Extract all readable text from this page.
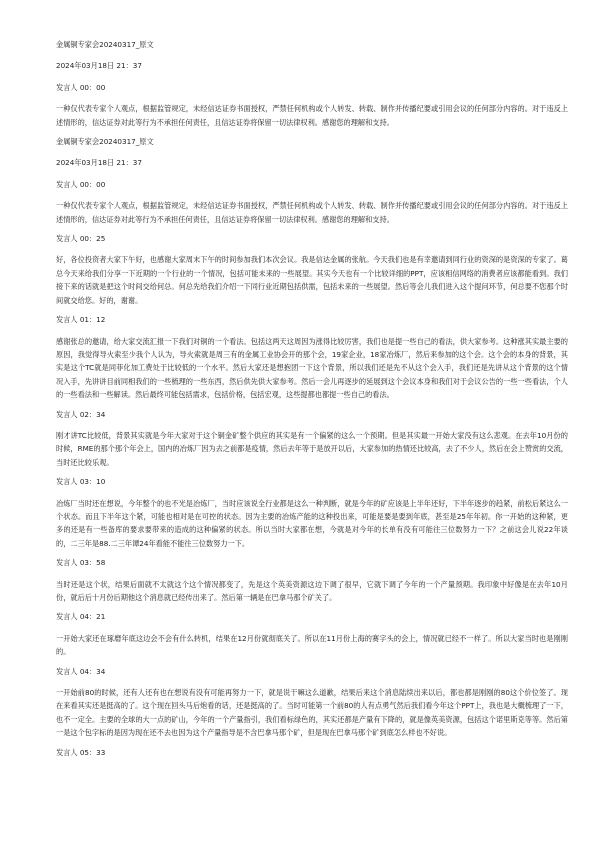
金属铜专家会20240317_原文

2024年03月18日 21：37

发言人 00：00

一种仅代表专家个人观点，根据监管规定，未经信达证券书面授权，严禁任何机构或个人转发、转载、制作并传播纪要或引用会议的任何部分内容的。对于违反上述情形的，信达证券对此等行为不承担任何责任，且信达证券将保留一切法律权利。感谢您的理解和支持。

金属铜专家会20240317_原文

2024年03月18日 21：37

发言人 00：00

一种仅代表专家个人观点，根据监管规定，未经信达证券书面授权，严禁任何机构或个人转发、转载、制作并传播纪要或引用会议的任何部分内容的。对于违反上述情形的，信达证券对此等行为不承担任何责任，且信达证券将保留一切法律权利。感谢您的理解和支持。

发言人 00：25

好，各位投资者大家下午好，也感谢大家周末下午的时间参加我们本次会议。我是信达金属的张航。今天我们也是有幸邀请到同行业的资深的是资深的专家了。葛总今天来给我们分享一下近期的一个行业的一个情况，包括可能未来的一些展望。其实今天也有一个比较详细的PPT，应该相信网络的消费者应该都能看到。我们接下来的话就是把这个时间交给何总。何总先给我们介绍一下同行业近期包括供需，包括未来的一些展望。然后等会儿我们进入这个提问环节，何总要不您那个时间就交给您。好的，谢谢。

发言人 01：12

感谢张总的邀请，给大家交流汇报一下我们对铜的一个看法。包括这两天这周因为涨得比较厉害，我们也是提一些自己的看法，供大家参考。这种涨其实最主要的原因，我觉得导火索至少我个人认为，导火索就是周三有的金属工业协会开的那个会，19家企业，18家冶炼厂，然后来参加的这个会。这个会的本身的背景，其实是这个TC就是同菲化加工费处于比较低的一个水平。然后大家还是想抱团一下这个背景，所以我们还是先不从这个会入手，我们还是先讲从这个背景的这个情况入手，先讲讲目前同相我们的一些梳理的一些东西，然后供先供大家参考。然后一会儿再逐步的延展到这个会议本身和我们对于会议公告的一些一些看法，个人的一些看法和一些解读。然后最终可能包括需求，包括价格，包括宏观，这些提都也都提一些自己的看法。

发言人 02：34

刚才讲TC比较低，背景其实就是今年大家对于这个铜金矿整个供应的其实是有一个偏紧的这么一个预期。但是其实最一开始大家没有这么悲观。在去年10月份的时候，RME的那个那个年会上，国内的冶炼厂因为去之前都是疫情，然后去年等于是放开以后，大家参加的热情还比较高，去了不少人，然后在会上赞赏的交流，当时还比较乐观。

发言人 03：10

冶炼厂当时还在想说，今年整个的也不光是冶炼厂，当时应该说全行业都是这么一种判断，就是今年的矿应该是上半年还好，下半年逐步的趋紧，前松后紧这么一个状态。而且下半年这个紧，可能也相对是在可控的状态。因为主要的冶炼产能的这种投出来，可能是要是要到年底，甚至是25年年初。你一开始的这种紧，更多的还是有一些备库的要求要带来的造成的这种偏紧的状态。所以当时大家都在想，今就是对今年的长单有没有可能往三位数努力一下？之前这会儿说22年谈的，二三年是88.二三年谭24年看能不能往三位数努力一下。

发言人 03：58

当时还是这个状，结果后面就不太就这个这个情况都变了，先是这个英美资源这边下调了很早，它就下调了今年的一个产量预期。我印象中好像是在去年10月份，就后后十月份后期他这个消息就已经传出来了。然后第一辆是在巴拿马那个矿关了。

发言人 04：21

一开始大家还在琢磨年底这边会不会有什么转机，结果在12月份就彻底关了。所以在11月份上海的赛字头的会上，情况就已经不一样了。所以大家当时也是刚刚的。

发言人 04：34

一开始前80的时候，还有人还有也在想说有没有可能再努力一下，就是说干嘛这么道歉，结果后来这个消息陆续出来以后，都也都是刚刚的80这个价位签了。现在来看其实还是挺高的了。这个现在回头马后炮看的话，还是挺高的了。当时可能第一个前80的人有点勇气然后我们看今年这个PPT上，我也是大概梳理了一下，也不一定全。主要的全球的大一点的矿山，今年的一个产量指引，我们看标绿色的，其实还都是产量有下降的，就是像英美资源，包括这个诺里斯克等等。然后第一是这个包字标的是因为现在还不去也因为这个产量指导是不含巴拿马那个矿，但是现在巴拿马那个矿到底怎么样也不好说。

发言人 05：33
